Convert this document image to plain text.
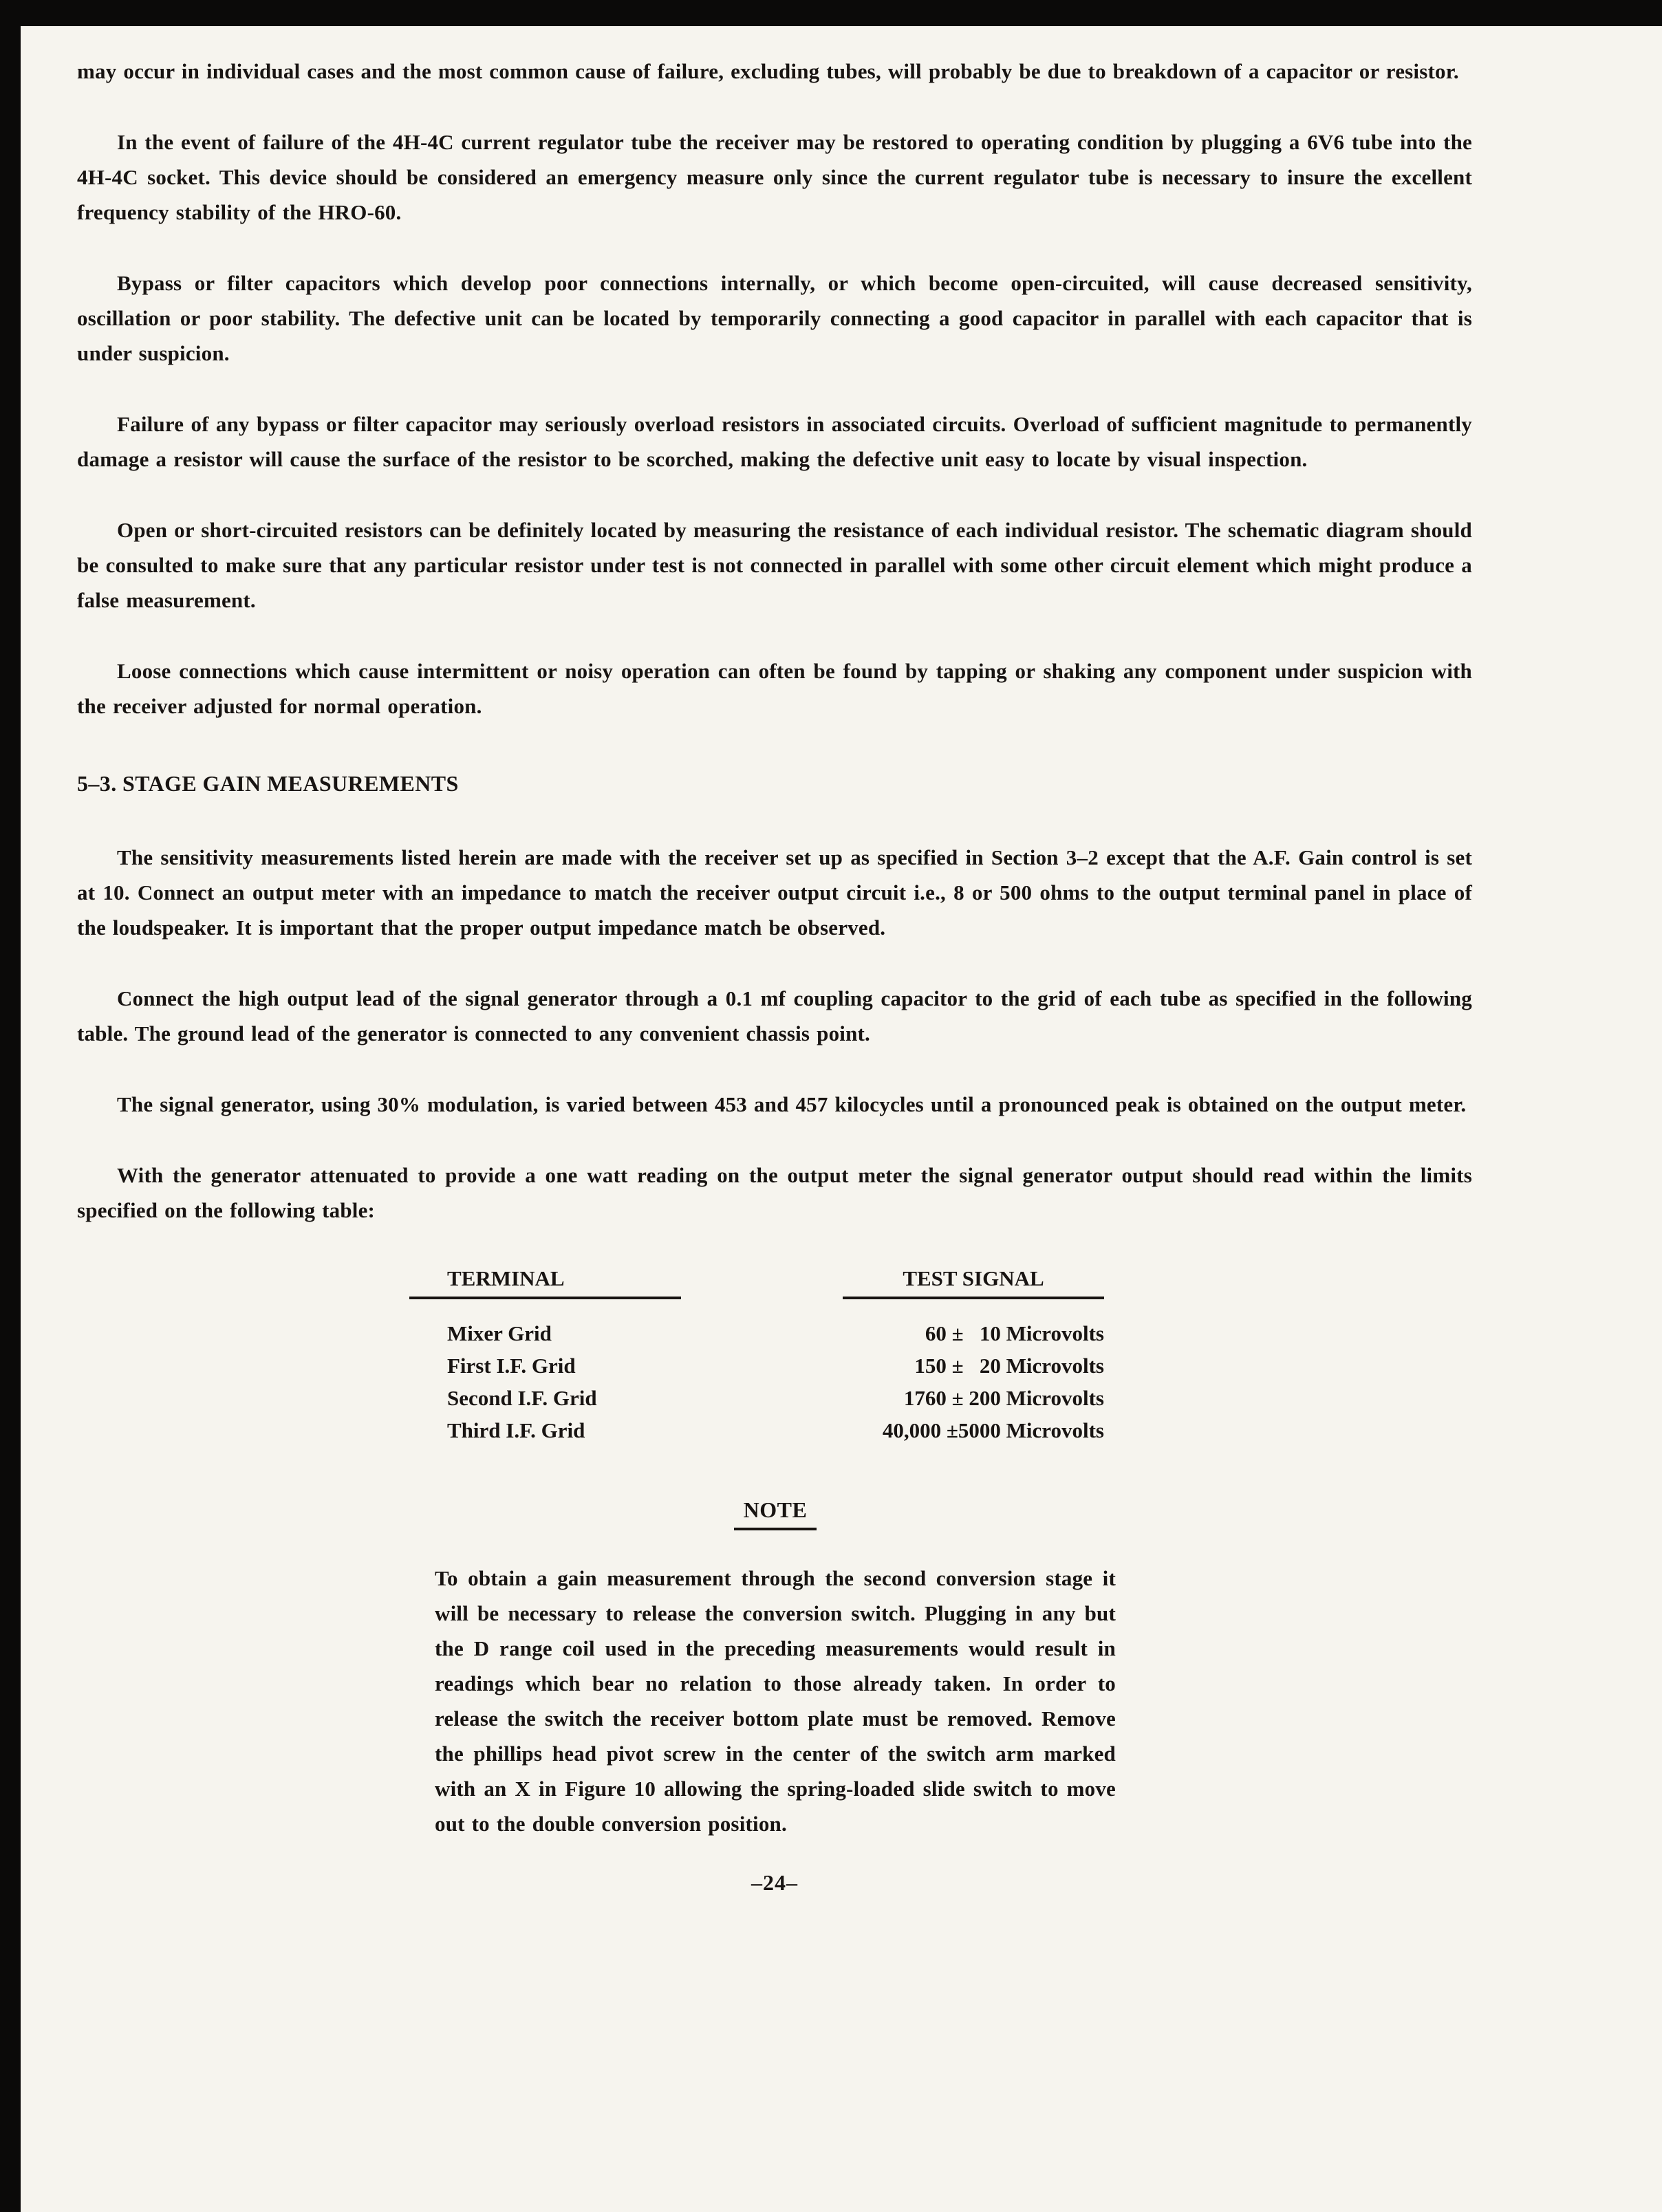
may occur in individual cases and the most common cause of failure, excluding tubes, will probably be due to breakdown of a capacitor or resistor.

In the event of failure of the 4H-4C current regulator tube the receiver may be restored to operating condition by plugging a 6V6 tube into the 4H-4C socket. This device should be considered an emergency measure only since the current regulator tube is necessary to insure the excellent frequency stability of the HRO-60.

Bypass or filter capacitors which develop poor connections internally, or which become open-circuited, will cause decreased sensitivity, oscillation or poor stability. The defective unit can be located by temporarily connecting a good capacitor in parallel with each capacitor that is under suspicion.

Failure of any bypass or filter capacitor may seriously overload resistors in associated circuits. Overload of sufficient magnitude to permanently damage a resistor will cause the surface of the resistor to be scorched, making the defective unit easy to locate by visual inspection.

Open or short-circuited resistors can be definitely located by measuring the resistance of each individual resistor. The schematic diagram should be consulted to make sure that any particular resistor under test is not connected in parallel with some other circuit element which might produce a false measurement.

Loose connections which cause intermittent or noisy operation can often be found by tapping or shaking any component under suspicion with the receiver adjusted for normal operation.

5–3. STAGE GAIN MEASUREMENTS

The sensitivity measurements listed herein are made with the receiver set up as specified in Section 3–2 except that the A.F. Gain control is set at 10. Connect an output meter with an impedance to match the receiver output circuit i.e., 8 or 500 ohms to the output terminal panel in place of the loudspeaker. It is important that the proper output impedance match be observed.

Connect the high output lead of the signal generator through a 0.1 mf coupling capacitor to the grid of each tube as specified in the following table. The ground lead of the generator is connected to any convenient chassis point.

The signal generator, using 30% modulation, is varied between 453 and 457 kilocycles until a pronounced peak is obtained on the output meter.

With the generator attenuated to provide a one watt reading on the output meter the signal generator output should read within the limits specified on the following table:

TERMINAL	TEST SIGNAL
Mixer Grid	60 ±   10 Microvolts
First I.F. Grid	150 ±   20 Microvolts
Second I.F. Grid	1760 ± 200 Microvolts
Third I.F. Grid	40,000 ±5000 Microvolts
NOTE

To obtain a gain measurement through the second conversion stage it will be necessary to release the conversion switch. Plugging in any but the D range coil used in the preceding measurements would result in readings which bear no relation to those already taken. In order to release the switch the receiver bottom plate must be removed. Remove the phillips head pivot screw in the center of the switch arm marked with an X in Figure 10 allowing the spring-loaded slide switch to move out to the double conversion position.

–24–
